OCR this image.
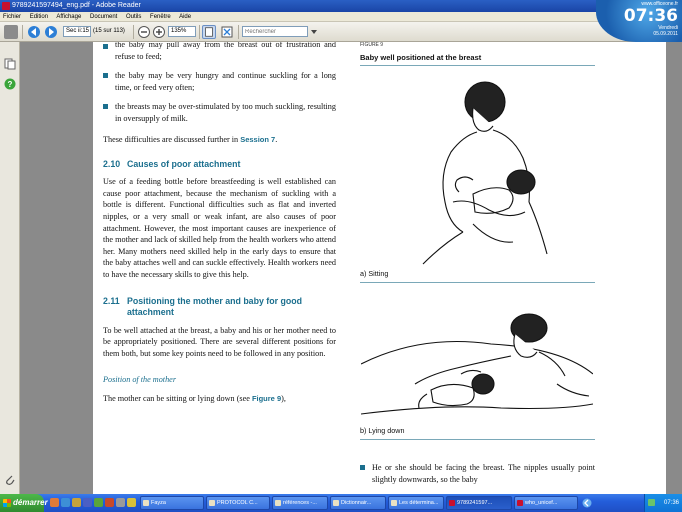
9789241597494_eng.pdf - Adobe Reader
Fichier Edition Affichage Document Outils Fenêtre Aide
Sec ii:15 (15 sur 113)	135%
Rechercher
www.officeone.fr
07:36
Vendredi
05.09.2011
?
the baby may pull away from the breast out of frustration and refuse to feed;
the baby may be very hungry and continue suckling for a long time, or feed very often;
the breasts may be over-stimulated by too much suckling, resulting in oversupply of milk.
These difficulties are discussed further in Session 7.
2.10 Causes of poor attachment
Use of a feeding bottle before breastfeeding is well established can cause poor attachment, because the mechanism of suckling with a bottle is different. Functional difficulties such as flat and inverted nipples, or a very small or weak infant, are also causes of poor attachment. However, the most important causes are inexperience of the mother and lack of skilled help from the health workers who attend her. Many mothers need skilled help in the early days to ensure that the baby attaches well and can suckle effectively. Health workers need to have the necessary skills to give this help.
2.11 Positioning the mother and baby for good attachment
To be well attached at the breast, a baby and his or her mother need to be appropriately positioned. There are several different positions for them both, but some key points need to be followed in any position.
Position of the mother
The mother can be sitting or lying down (see Figure 9),
FIGURE 9
Baby well positioned at the breast
a) Sitting
b) Lying down
He or she should be facing the breast. The nipples usually point slightly downwards, so the baby
démarrer	Fayza	PROTOCOL C...	références -...	Dictionnair...	Les détermina...	9789241597...	who_unicef...	07:36
